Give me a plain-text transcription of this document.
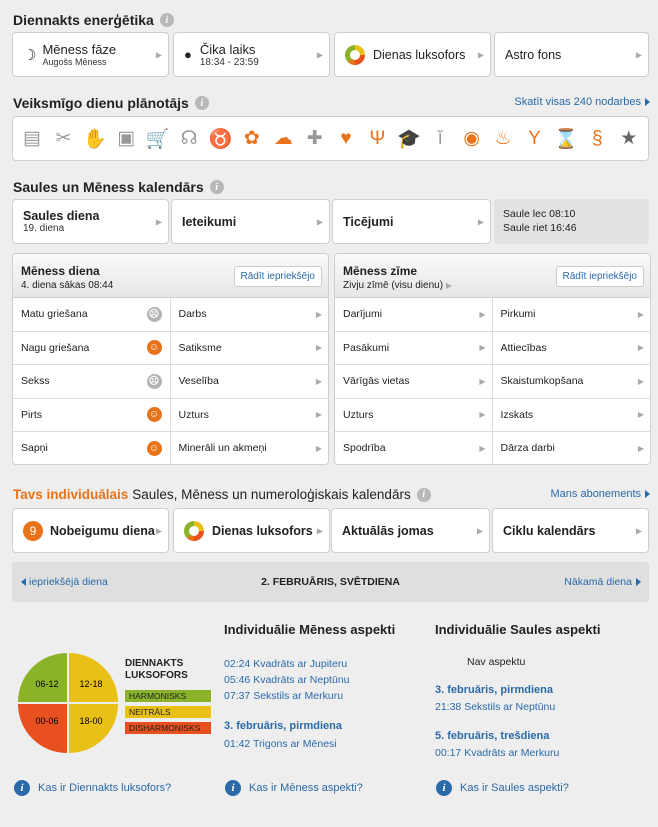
Diennakts enerģētika	i
☽ Mēness fāze
Augošs Mēness
▶ ● Čika laiks
18:34 - 23:59
▶	Dienas luksofors ▶ Astro fons	▶
Veiksmīgo dienu plānotājs	i	Skatīt visas 240 nodarbes
▤ ✂ ✋ ▣ 🛒 ☊ ♉ ✿ ☁ ✚ ♥ Ψ 🎓 ǐ	◉ ♨ Y ⌛ § ★
Saules un Mēness kalendārs	i
Saules diena
19. diena
▶ Ieteikumi	▶ Ticējumi	▶
Saule lec 08:10
Saule riet 16:46
Mēness diena
4. diena sākas 08:44
Rādīt iepriekšējo
Matu griešana	☹ Darbs	▶
Nagu griešana	☺ Satiksme	▶
Sekss	☹ Veselība	▶
Pirts	☺ Uzturs	▶
Sapņi	☺ Minerāli un akmeņi	▶
Mēness zīme
Zivju zīmē (visu dienu) ▶
Rādīt iepriekšējo
Darījumi	▶ Pirkumi	▶
Pasākumi	▶ Attiecības	▶
Vārīgās vietas	▶ Skaistumkopšana	▶
Uzturs	▶ Izskats	▶
Spodrība	▶ Dārza darbi	▶
Tavs individuālais Saules, Mēness un numeroloģiskais kalendārs	i	Mans abonements
9	Nobeigumu diena ▶	Dienas luksofors ▶ Aktuālās jomas	▶ Ciklu kalendārs	▶
iepriekšējā diena	2. FEBRUĀRIS, SVĒTDIENA	Nākamā diena
06-12 12-18
00-06 18-00
DIENNAKTS
LUKSOFORS
HARMONISKS
NEITRĀLS
DISHARMONISKS
Individuālie Mēness aspekti
02:24 Kvadrāts ar Jupiteru
05:46 Kvadrāts ar Neptūnu
07:37 Sekstils ar Merkuru
3. februāris, pirmdiena
01:42 Trigons ar Mēnesi
Individuālie Saules aspekti
Nav aspektu
3. februāris, pirmdiena
21:38 Sekstils ar Neptūnu
5. februāris, trešdiena
00:17 Kvadrāts ar Merkuru
i	Kas ir Diennakts luksofors?	i	Kas ir Mēness aspekti?	i	Kas ir Saules aspekti?
